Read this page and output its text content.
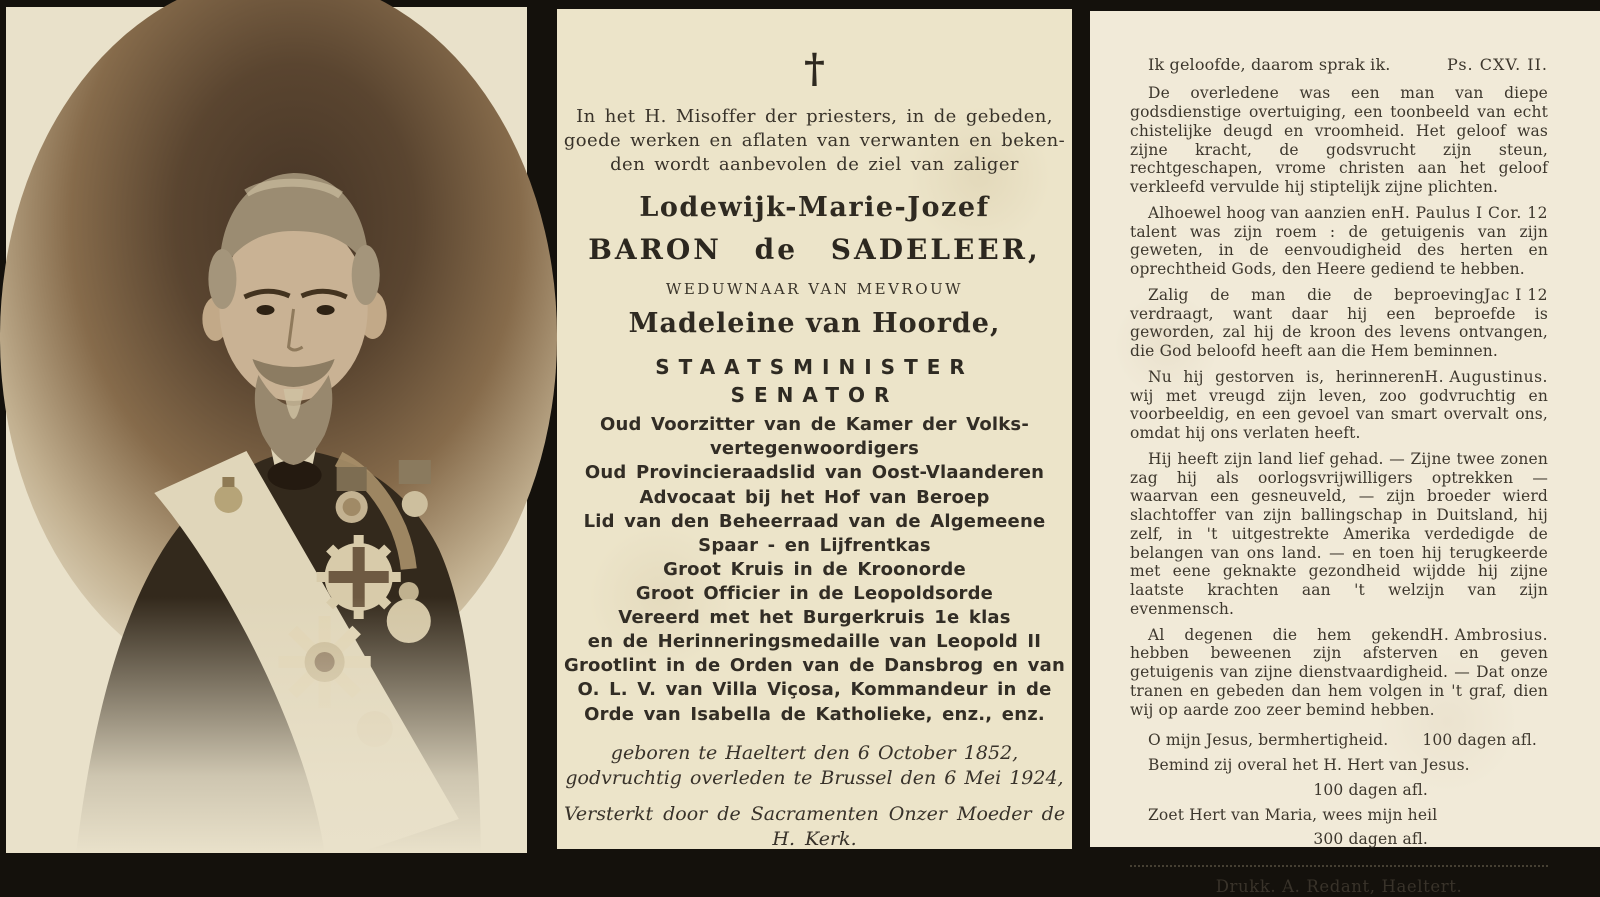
†
In het H. Misoffer der priesters, in de gebeden,
goede werken en aflaten van verwanten en beken-
den wordt aanbevolen de ziel van zaliger
Lodewijk-Marie-Jozef
BARON de SADELEER,
WEDUWNAAR VAN MEVROUW
Madeleine van Hoorde,
STAATSMINISTER
SENATOR
Oud Voorzitter van de Kamer der Volks-
vertegenwoordigers
Oud Provincieraadslid van Oost-Vlaanderen
Advocaat bij het Hof van Beroep
Lid van den Beheerraad van de Algemeene
Spaar - en Lijfrentkas
Groot Kruis in de Kroonorde
Groot Officier in de Leopoldsorde
Vereerd met het Burgerkruis 1e klas
en de Herinneringsmedaille van Leopold II
Grootlint in de Orden van de Dansbrog en van
O. L. V. van Villa Viçosa, Kommandeur in de
Orde van Isabella de Katholieke, enz., enz.
geboren te Haeltert den 6 October 1852,
godvruchtig overleden te Brussel den 6 Mei 1924,
Versterkt door de Sacramenten Onzer Moeder de
H. Kerk.
Ik geloofde, daarom sprak ik.	Ps. CXV. II.

De overledene was een man van diepe godsdienstige overtuiging, een toonbeeld van echt chistelijke deugd en vroomheid. Het geloof was zijne kracht, de godsvrucht zijn steun, rechtgeschapen, vrome christen aan het geloof verkleefd vervulde hij stiptelijk zijne plichten.

H. Paulus I Cor. 12
Alhoewel hoog van aanzien en talent was zijn roem : de getuigenis van zijn geweten, in de eenvoudigheid des herten en oprechtheid Gods, den Heere gediend te hebben.

Jac I 12
Zalig de man die de beproeving verdraagt, want daar hij een beproefde is geworden, zal hij de kroon des levens ontvangen, die God beloofd heeft aan die Hem beminnen.

H. Augustinus.
Nu hij gestorven is, herinneren wij met vreugd zijn leven, zoo godvruchtig en voorbeeldig, en een gevoel van smart overvalt ons, omdat hij ons verlaten heeft.

Hij heeft zijn land lief gehad. — Zijne twee zonen zag hij als oorlogsvrijwilligers optrekken — waarvan een gesneuveld, — zijn broeder wierd slachtoffer van zijn ballingschap in Duitsland, hij zelf, in 't uitgestrekte Amerika verdedigde de belangen van ons land. — en toen hij terugkeerde met eene geknakte gezondheid wijdde hij zijne laatste krachten aan 't welzijn van zijn evenmensch.

H. Ambrosius.
Al degenen die hem gekend hebben beweenen zijn afsterven en geven getuigenis van zijne dienstvaardigheid. — Dat onze tranen en gebeden dan hem volgen in 't graf, dien wij op aarde zoo zeer bemind hebben.

O mijn Jesus, bermhertigheid. 100 dagen afl.
Bemind zij overal het H. Hert van Jesus.
100 dagen afl.
Zoet Hert van Maria, wees mijn heil
300 dagen afl.
Drukk. A. Redant, Haeltert.
